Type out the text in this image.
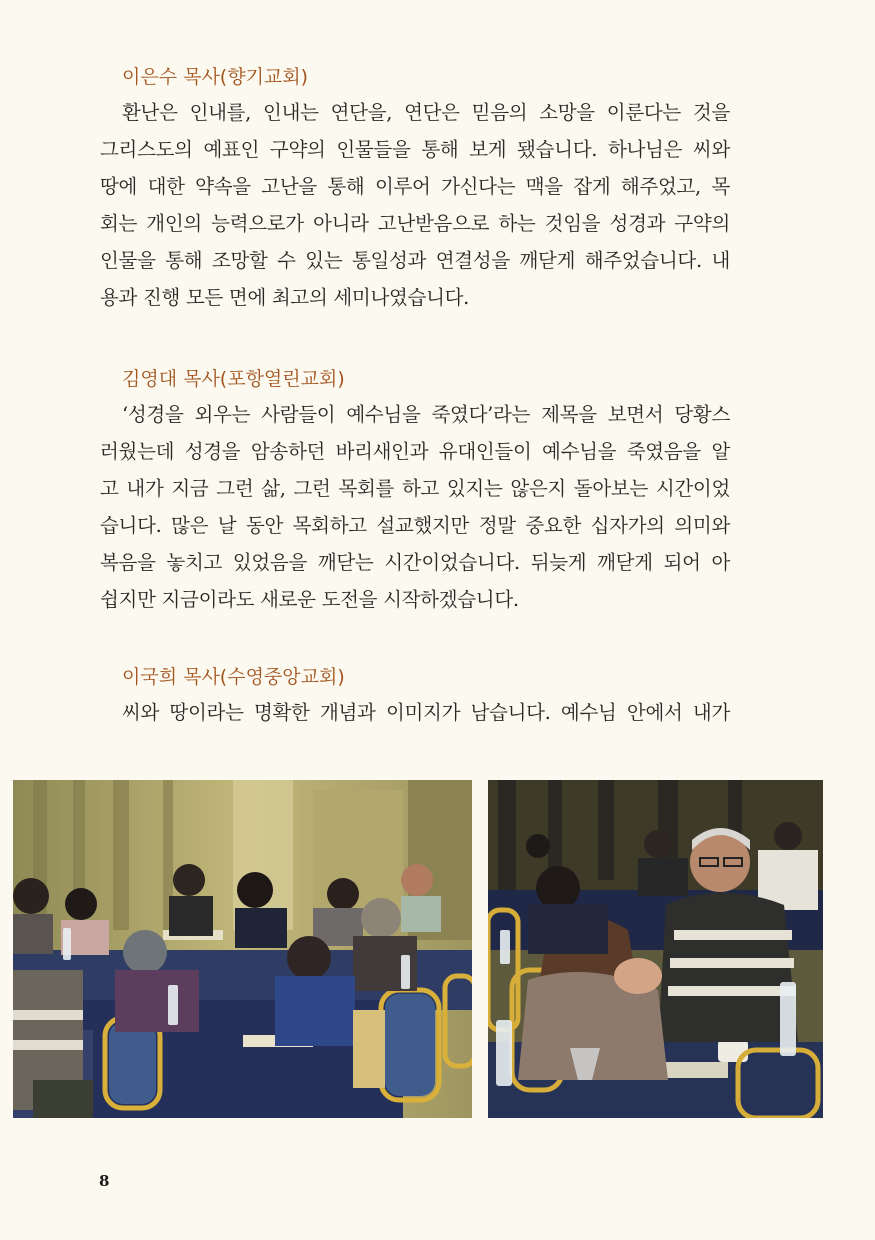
이은수 목사(향기교회)
환난은 인내를, 인내는 연단을, 연단은 믿음의 소망을 이룬다는 것을
그리스도의 예표인 구약의 인물들을 통해 보게 됐습니다. 하나님은 씨와
땅에 대한 약속을 고난을 통해 이루어 가신다는 맥을 잡게 해주었고, 목
회는 개인의 능력으로가 아니라 고난받음으로 하는 것임을 성경과 구약의
인물을 통해 조망할 수 있는 통일성과 연결성을 깨닫게 해주었습니다. 내
용과 진행 모든 면에 최고의 세미나였습니다.
김영대 목사(포항열린교회)
‘성경을 외우는 사람들이 예수님을 죽였다’라는 제목을 보면서 당황스
러웠는데 성경을 암송하던 바리새인과 유대인들이 예수님을 죽였음을 알
고 내가 지금 그런 삶, 그런 목회를 하고 있지는 않은지 돌아보는 시간이었
습니다. 많은 날 동안 목회하고 설교했지만 정말 중요한 십자가의 의미와
복음을 놓치고 있었음을 깨닫는 시간이었습니다. 뒤늦게 깨닫게 되어 아
쉽지만 지금이라도 새로운 도전을 시작하겠습니다.
이국희 목사(수영중앙교회)
씨와 땅이라는 명확한 개념과 이미지가 남습니다. 예수님 안에서 내가
8
